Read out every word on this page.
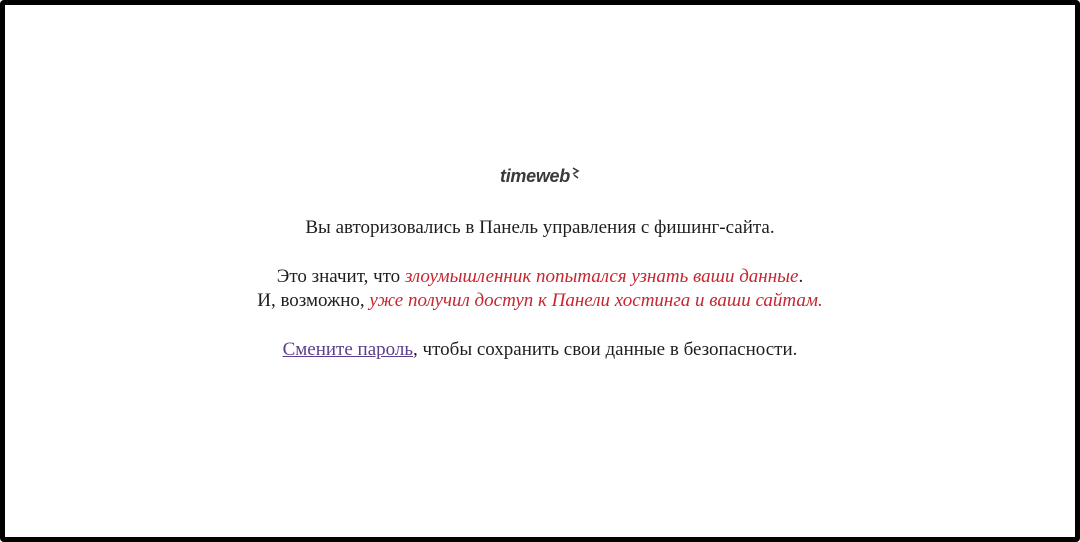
timeweb

Вы авторизовались в Панель управления с фишинг-сайта.

Это значит, что злоумышленник попытался узнать ваши данные.

И, возможно, уже получил доступ к Панели хостинга и ваши сайтам.

Смените пароль, чтобы сохранить свои данные в безопасности.
